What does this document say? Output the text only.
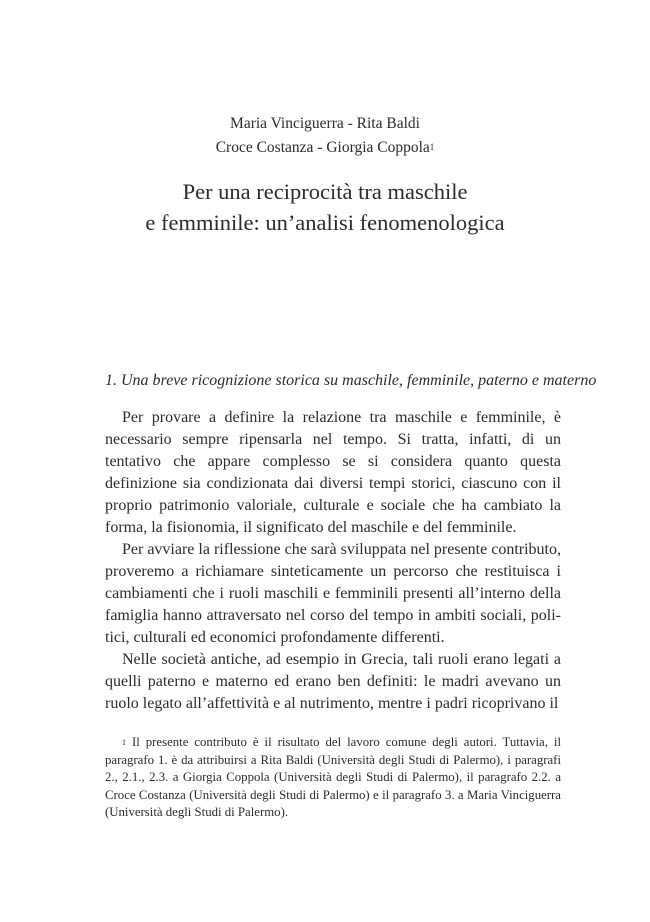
Maria Vinciguerra - Rita Baldi
Croce Costanza - Giorgia Coppola$^1$
Per una reciprocità tra maschile
e femminile: un’analisi fenomenologica
1. Una breve ricognizione storica su maschile, femminile, paterno e materno

Per provare a definire la relazione tra maschile e femminile, è necessario sempre ripensarla nel tempo. Si tratta, infatti, di un tentativo che appare complesso se si considera quanto questa definizione sia condizionata dai diversi tempi storici, ciascuno con il proprio patrimonio valoriale, culturale e sociale che ha cambiato la forma, la fisionomia, il significato del maschile e del femminile.

Per avviare la riflessione che sarà sviluppata nel presente contributo, proveremo a richiamare sinteticamente un percorso che restituisca i cambiamenti che i ruoli maschili e femminili presenti all’interno della famiglia hanno attraversato nel corso del tempo in ambiti sociali, politici, culturali ed economici profondamente differenti.

Nelle società antiche, ad esempio in Grecia, tali ruoli erano legati a quelli paterno e materno ed erano ben definiti: le madri avevano un ruolo legato all’affettività e al nutrimento, mentre i padri ricoprivano il

$^1$ Il presente contributo è il risultato del lavoro comune degli autori. Tuttavia, il paragrafo 1. è da attribuirsi a Rita Baldi (Università degli Studi di Palermo), i paragrafi 2., 2.1., 2.3. a Giorgia Coppola (Università degli Studi di Palermo), il paragrafo 2.2. a Croce Costanza (Università degli Studi di Palermo) e il paragrafo 3. a Maria Vinciguerra (Università degli Studi di Palermo).
